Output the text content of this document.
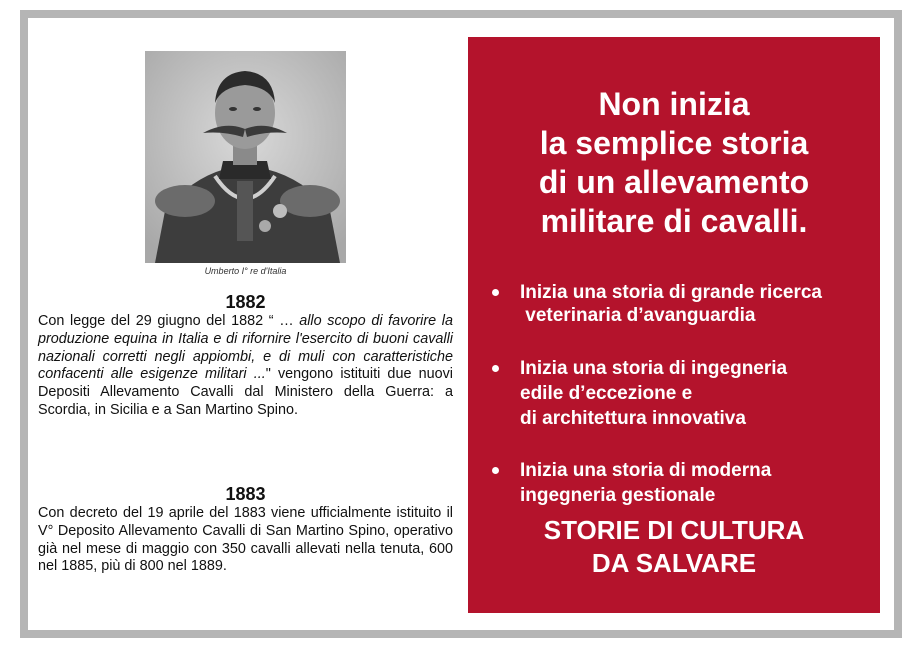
Umberto I° re d'Italia
1882
Con legge del 29 giugno del 1882 “ … allo scopo di favorire la produzione equina in Italia e di rifornire l'esercito di buoni cavalli nazionali corretti negli appiombi, e di muli con caratteristiche confacenti alle esigenze militari ..." vengono istituiti due nuovi Depositi Allevamento Cavalli dal Ministero della Guerra: a Scordia, in Sicilia e a San Martino Spino.
1883
Con decreto del 19 aprile del 1883 viene ufficialmente istituito il V° Deposito Allevamento Cavalli di San Martino Spino, operativo già nel mese di maggio con 350 cavalli allevati nella tenuta, 600 nel 1885, più di 800 nel 1889.
Non inizia
la semplice storia
di un allevamento
militare di cavalli.
Inizia una storia di grande ricerca
veterinaria d’avanguardia
Inizia una storia di ingegneria
edile d’eccezione e
di architettura innovativa
Inizia una storia di moderna
ingegneria gestionale
STORIE DI CULTURA
DA SALVARE
